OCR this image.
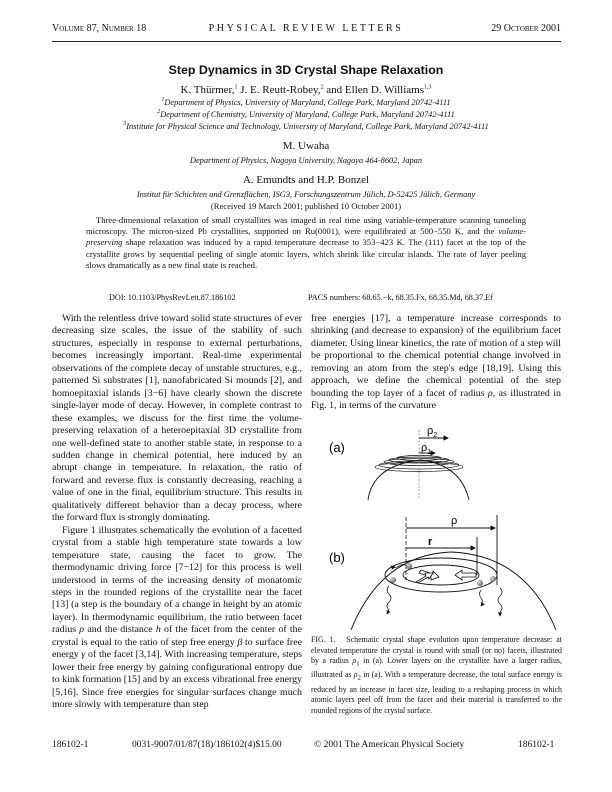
Volume 87, Number 18	PHYSICAL REVIEW LETTERS	29 October 2001
Step Dynamics in 3D Crystal Shape Relaxation
K. Thürmer,$^1$ J. E. Reutt-Robey,$^2$ and Ellen D. Williams$^{1,3}$
$^1$Department of Physics, University of Maryland, College Park, Maryland 20742-4111
$^2$Department of Chemistry, University of Maryland, College Park, Maryland 20742-4111
$^3$Institute for Physical Science and Technology, University of Maryland, College Park, Maryland 20742-4111
M. Uwaha
Department of Physics, Nagoya University, Nagoya 464-8602, Japan
A. Emundts and H.P. Bonzel
Institut für Schichten und Grenzflächen, ISG3, Forschungszentrum Jülich, D-52425 Jülich, Germany
(Received 19 March 2001; published 10 October 2001)
Three-dimensional relaxation of small crystallites was imaged in real time using variable-temperature scanning tunneling microscopy. The micron-sized Pb crystallites, supported on Ru(0001), were equilibrated at 500−550 K, and the volume-preserving shape relaxation was induced by a rapid temperature decrease to 353−423 K. The (111) facet at the top of the crystallite grows by sequential peeling of single atomic layers, which shrink like circular islands. The rate of layer peeling slows dramatically as a new final state is reached.
DOI: 10.1103/PhysRevLett.87.186102	PACS numbers: 68.65.−k, 68.35.Fx, 68.35.Md, 68.37.Ef

With the relentless drive toward solid state structures of ever decreasing size scales, the issue of the stability of such structures, especially in response to external perturbations, becomes increasingly important. Real-time experimental observations of the complete decay of unstable structures, e.g., patterned Si substrates [1], nanofabricated Si mounds [2], and homoepitaxial islands [3−6] have clearly shown the discrete single-layer mode of decay. However, in complete contrast to these examples, we discuss for the first time the volume-preserving relaxation of a heteroepitaxial 3D crystallite from one well-defined state to another stable state, in response to a sudden change in chemical potential, here induced by an abrupt change in temperature. In relaxation, the ratio of forward and reverse flux is constantly decreasing, reaching a value of one in the final, equilibrium structure. This results in qualitatively different behavior than a decay process, where the forward flux is strongly dominating.

Figure 1 illustrates schematically the evolution of a facetted crystal from a stable high temperature state towards a low temperature state, causing the facet to grow. The thermodynamic driving force [7−12] for this process is well understood in terms of the increasing density of monatomic steps in the rounded regions of the crystallite near the facet [13] (a step is the boundary of a change in height by an atomic layer). In thermodynamic equilibrium, the ratio between facet radius ρ and the distance h of the facet from the center of the crystal is equal to the ratio of step free energy β to surface free energy γ of the facet [3,14]. With increasing temperature, steps lower their free energy by gaining configurational entropy due to kink formation [15] and by an excess vibrational free energy [5,16]. Since free energies for singular surfaces change much more slowly with temperature than step

free energies [17], a temperature increase corresponds to shrinking (and decrease to expansion) of the equilibrium facet diameter. Using linear kinetics, the rate of motion of a step will be proportional to the chemical potential change involved in removing an atom from the step's edge [18,19]. Using this approach, we define the chemical potential of the step bounding the top layer of a facet of radius ρ, as illustrated in Fig. 1, in terms of the curvature

(a)
$\rho_2$
$\rho_1$
(b)
ρ
r
FIG. 1. Schematic crystal shape evolution upon temperature decrease: at elevated temperature the crystal is round with small (or no) facets, illustrated by a radius $\rho_1$ in (a). Lower layers on the crystallite have a larger radius, illustrated as $\rho_2$ in (a). With a temperature decrease, the total surface energy is reduced by an increase in facet size, leading to a reshaping process in which atomic layers peel off from the facet and their material is transferred to the rounded regions of the crystal surface.
186102-1	0031-9007/01/87(18)/186102(4)$15.00	© 2001 The American Physical Society	186102-1
